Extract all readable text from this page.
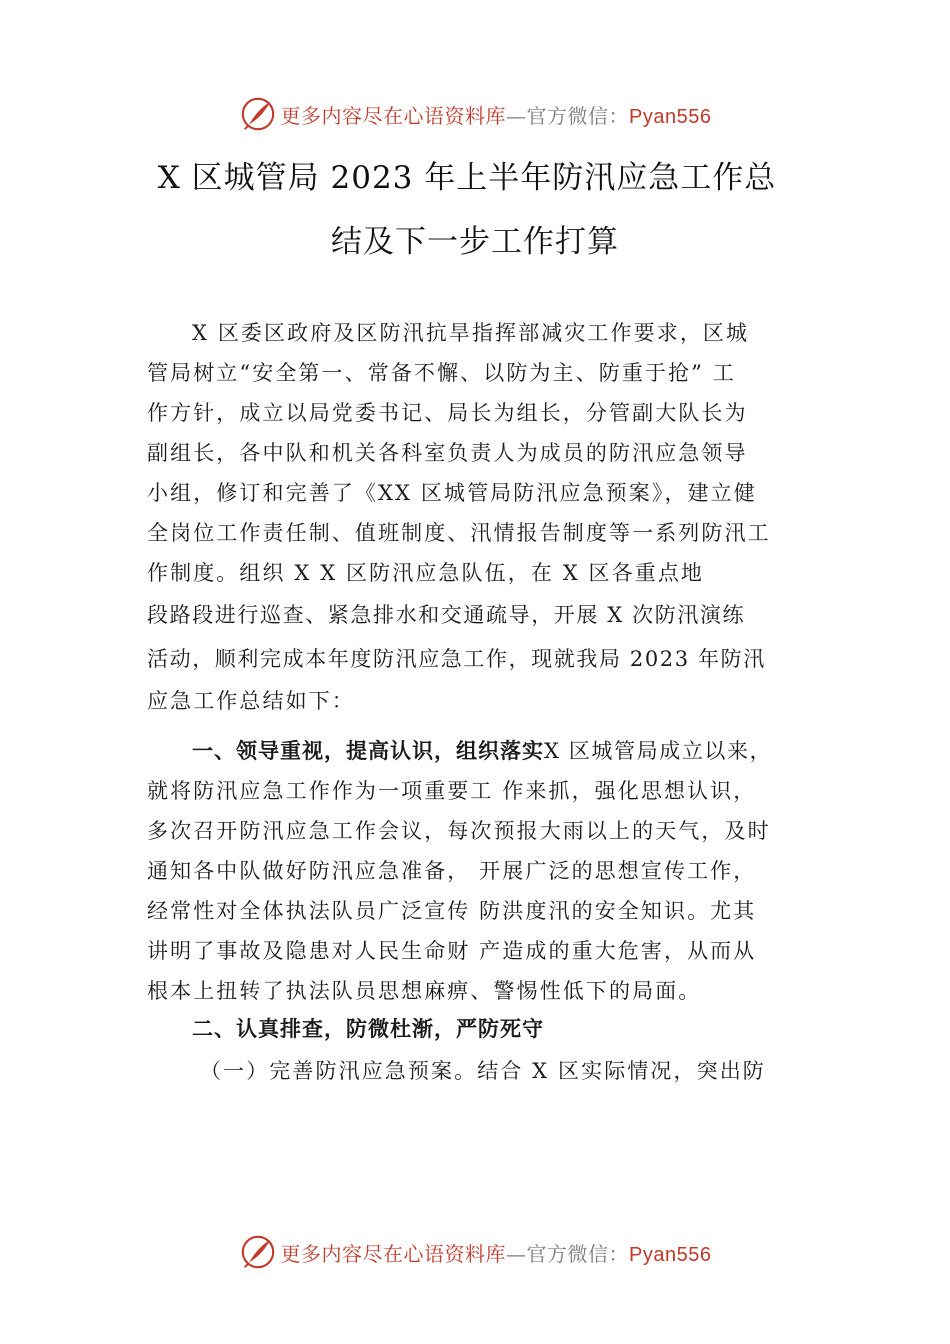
更多内容尽在心语资料库—官方微信：Pyan556
X 区城管局 2023 年上半年防汛应急工作总
结及下一步工作打算
X 区委区政府及区防汛抗旱指挥部减灾工作要求，区城
管局树立“安全第一、常备不懈、以防为主、防重于抢” 工
作方针，成立以局党委书记、局长为组长，分管副大队长为
副组长，各中队和机关各科室负责人为成员的防汛应急领导
小组，修订和完善了《XX 区城管局防汛应急预案》，建立健
全岗位工作责任制、值班制度、汛情报告制度等一系列防汛工
作制度。组织 X X 区防汛应急队伍，在 X 区各重点地
段路段进行巡查、紧急排水和交通疏导，开展 X 次防汛演练
活动，顺利完成本年度防汛应急工作，现就我局 2023 年防汛
应急工作总结如下：
一、领导重视，提高认识，组织落实X 区城管局成立以来，
就将防汛应急工作作为一项重要工 作来抓，强化思想认识，
多次召开防汛应急工作会议，每次预报大雨以上的天气，及时
通知各中队做好防汛应急准备， 开展广泛的思想宣传工作，
经常性对全体执法队员广泛宣传 防洪度汛的安全知识。尤其
讲明了事故及隐患对人民生命财 产造成的重大危害，从而从
根本上扭转了执法队员思想麻痹、警惕性低下的局面。
二、认真排查，防微杜渐，严防死守
（一）完善防汛应急预案。结合 X 区实际情况，突出防
更多内容尽在心语资料库—官方微信：Pyan556
